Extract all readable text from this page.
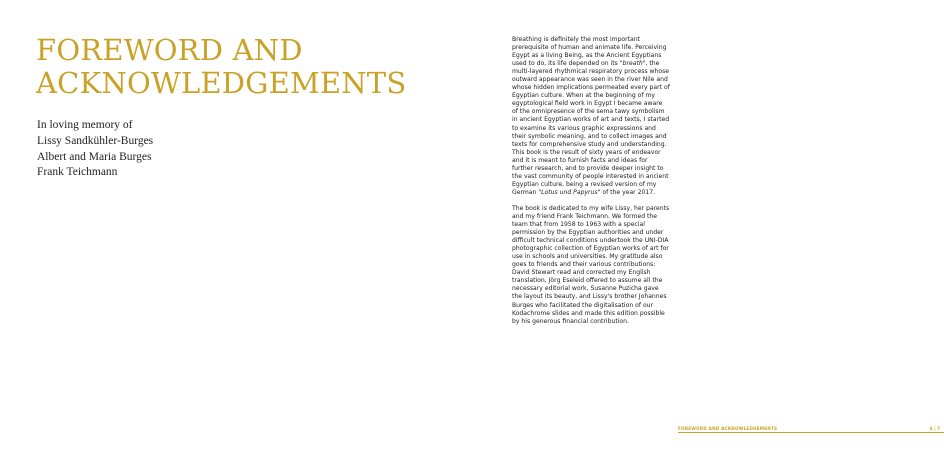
FOREWORD AND
ACKNOWLEDGEMENTS
In loving memory of
Lissy Sandkühler-Burges
Albert and Maria Burges
Frank Teichmann

Breathing is definitely the most important prerequisite of human and animate life. Perceiving Egypt as a living Being, as the Ancient Egyptians used to do, its life depended on its "breath", the multi-layered rhythmical respiratory process whose outward appearance was seen in the river Nile and whose hidden implications permeated every part of Egyptian culture. When at the beginning of my egyptological field work in Egypt I became aware of the omnipresence of the sema tawy symbolism in ancient Egyptian works of art and texts, I started to examine its various graphic expressions and their symbolic meaning, and to collect images and texts for comprehensive study and understanding. This book is the result of sixty years of endeavor and it is meant to furnish facts and ideas for further research, and to provide deeper insight to the vast community of people interested in ancient Egyptian culture, being a revised version of my German "Lotus und Papyrus" of the year 2017.

The book is dedicated to my wife Lissy, her parents and my friend Frank Teichmann. We formed the team that from 1958 to 1963 with a special permission by the Egyptian authorities and under difficult technical conditions undertook the UNI-DIA photographic collection of Egyptian works of art for use in schools and universities. My gratitude also goes to friends and their various contributions: David Stewart read and corrected my English translation, Jörg Eseleid offered to assume all the necessary editorial work, Susanne Puzicha gave the layout its beauty, and Lissy's brother Johannes Burges who facilitated the digitalisation of our Kodachrome slides and made this edition possible by his generous financial contribution.

FOREWORD AND ACKNOWLEDGEMENTS	6 | 7
